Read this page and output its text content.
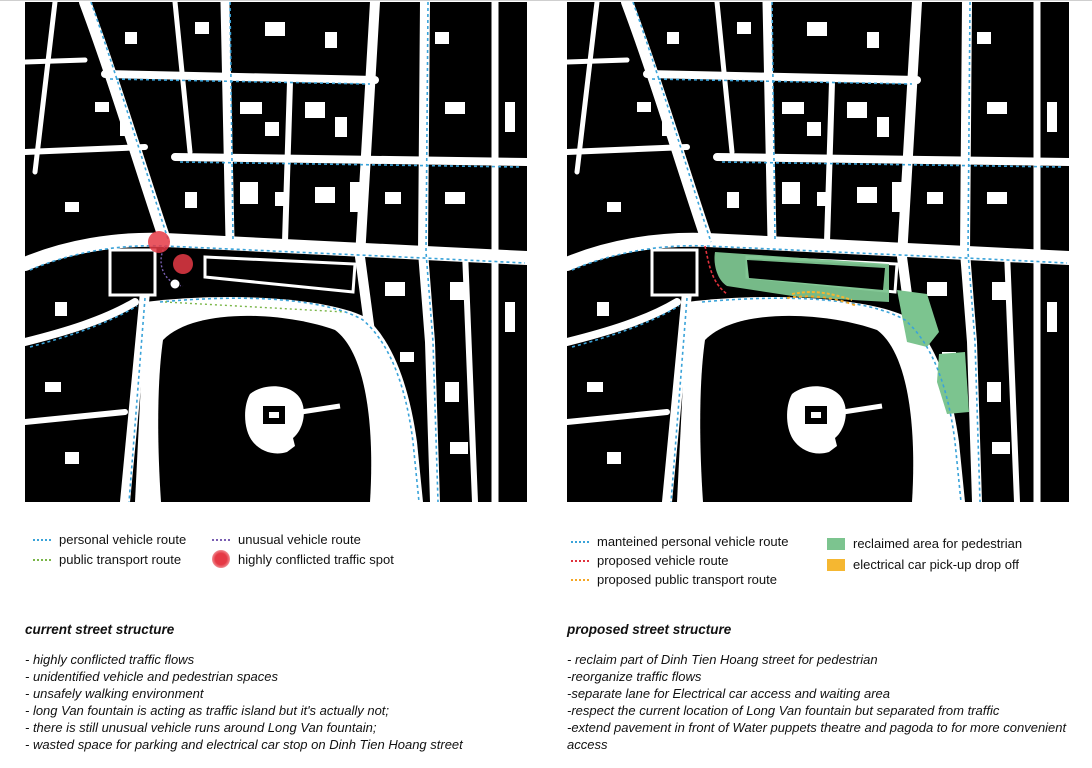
personal vehicle route
public transport route
unusual vehicle route
highly conflicted traffic spot
manteined personal vehicle route
proposed vehicle route
proposed public transport route
reclaimed area for pedestrian
electrical car pick-up drop off
current street structure
- highly conflicted traffic flows
- unidentified vehicle and pedestrian spaces
- unsafely walking environment
- long Van fountain is acting as traffic island but it's actually not;
- there is still unusual vehicle runs around Long Van fountain;
- wasted space for parking and electrical car stop on Dinh Tien Hoang street
proposed street structure
- reclaim part of Dinh Tien Hoang street for pedestrian
-reorganize traffic flows
-separate lane for Electrical car access and waiting area
-respect the current location of Long Van fountain but separated from traffic
-extend pavement in front of Water puppets theatre and pagoda to for more convenient access
